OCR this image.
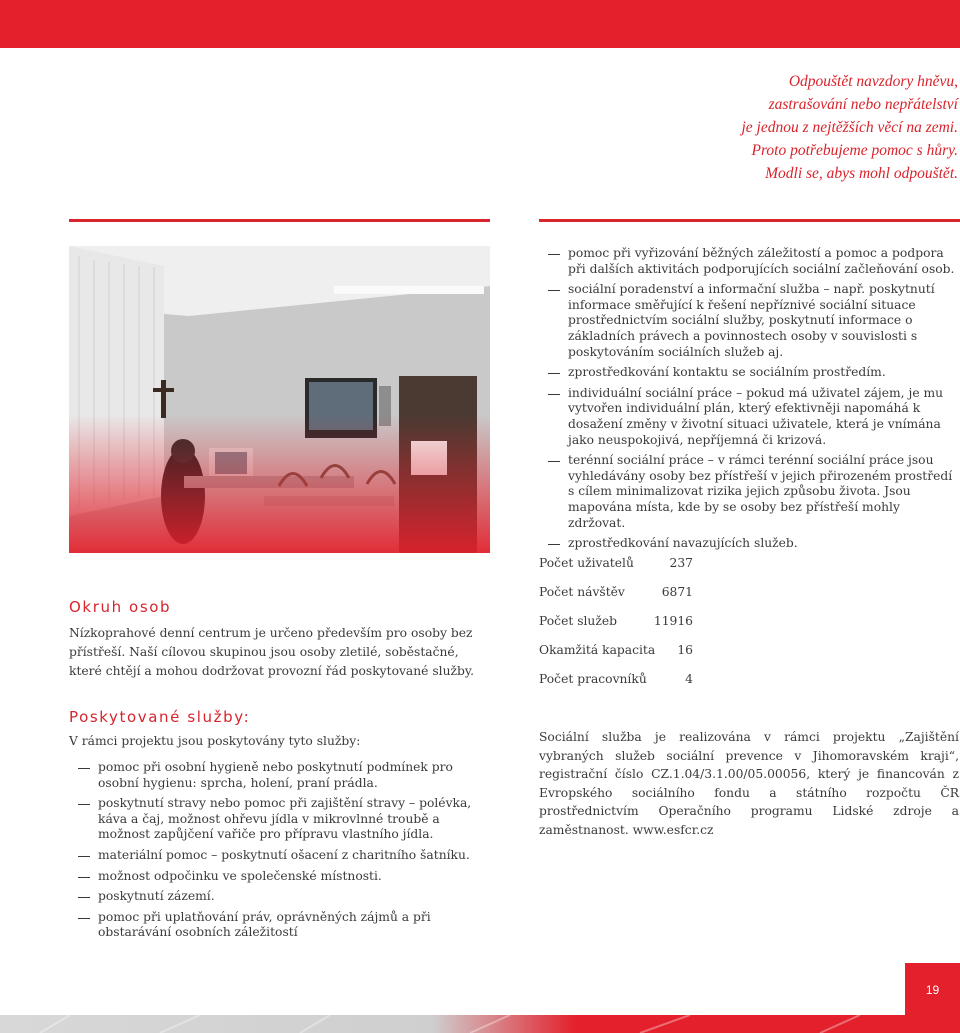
Odpouštět navzdory hněvu,
zastrašování nebo nepřátelství
je jednou z nejtěžších věcí na zemi.
Proto potřebujeme pomoc s hůry.
Modli se, abys mohl odpouštět.
pomoc při vyřizování běžných záležitostí a pomoc a podpora při dalších aktivitách podporujících sociální začleňování osob.
sociální poradenství a informační služba – např. poskytnutí informace směřující k řešení nepříznivé sociální situace prostřednictvím sociální služby, poskytnutí informace o základních právech a povinnostech osoby v souvislosti s poskytováním sociálních služeb aj.
zprostředkování kontaktu se sociálním prostředím.
individuální sociální práce – pokud má uživatel zájem, je mu vytvořen individuální plán, který efektivněji napomáhá k dosažení změny v životní situaci uživatele, která je vnímána jako neuspokojivá, nepříjemná či krizová.
terénní sociální práce – v rámci terénní sociální práce jsou vyhledávány osoby bez přístřeší v jejich přirozeném prostředí s cílem minimalizovat rizika jejich způsobu života. Jsou mapována místa, kde by se osoby bez přístřeší mohly zdržovat.
zprostředkování navazujících služeb.
Okruh osob
Nízkoprahové denní centrum je určeno především pro osoby bez přístřeší. Naší cílovou skupinou jsou osoby zletilé, soběstačné, které chtějí a mohou dodržovat provozní řád poskytované služby.
Poskytované služby:
V rámci projektu jsou poskytovány tyto služby:
pomoc při osobní hygieně nebo poskytnutí podmínek pro osobní hygienu: sprcha, holení, praní prádla.
poskytnutí stravy nebo pomoc při zajištění stravy – polévka, káva a čaj, možnost ohřevu jídla v mikrovlnné troubě a možnost zapůjčení vařiče pro přípravu vlastního jídla.
materiální pomoc – poskytnutí ošacení z charitního šatníku.
možnost odpočinku ve společenské místnosti.
poskytnutí zázemí.
pomoc při uplatňování práv, oprávněných zájmů a při obstarávání osobních záležitostí
Počet uživatelů	237
Počet návštěv	6871
Počet služeb	11916
Okamžitá kapacita 16
Počet pracovníků	4
Sociální služba je realizována v rámci projektu „Zajištění vybraných služeb sociální prevence v Jihomoravském kraji“, registrační číslo CZ.1.04/3.1.00/05.00056, který je financován z Evropského sociálního fondu a státního rozpočtu ČR prostřednictvím Operačního programu Lidské zdroje a zaměstnanost. www.esfcr.cz
19
